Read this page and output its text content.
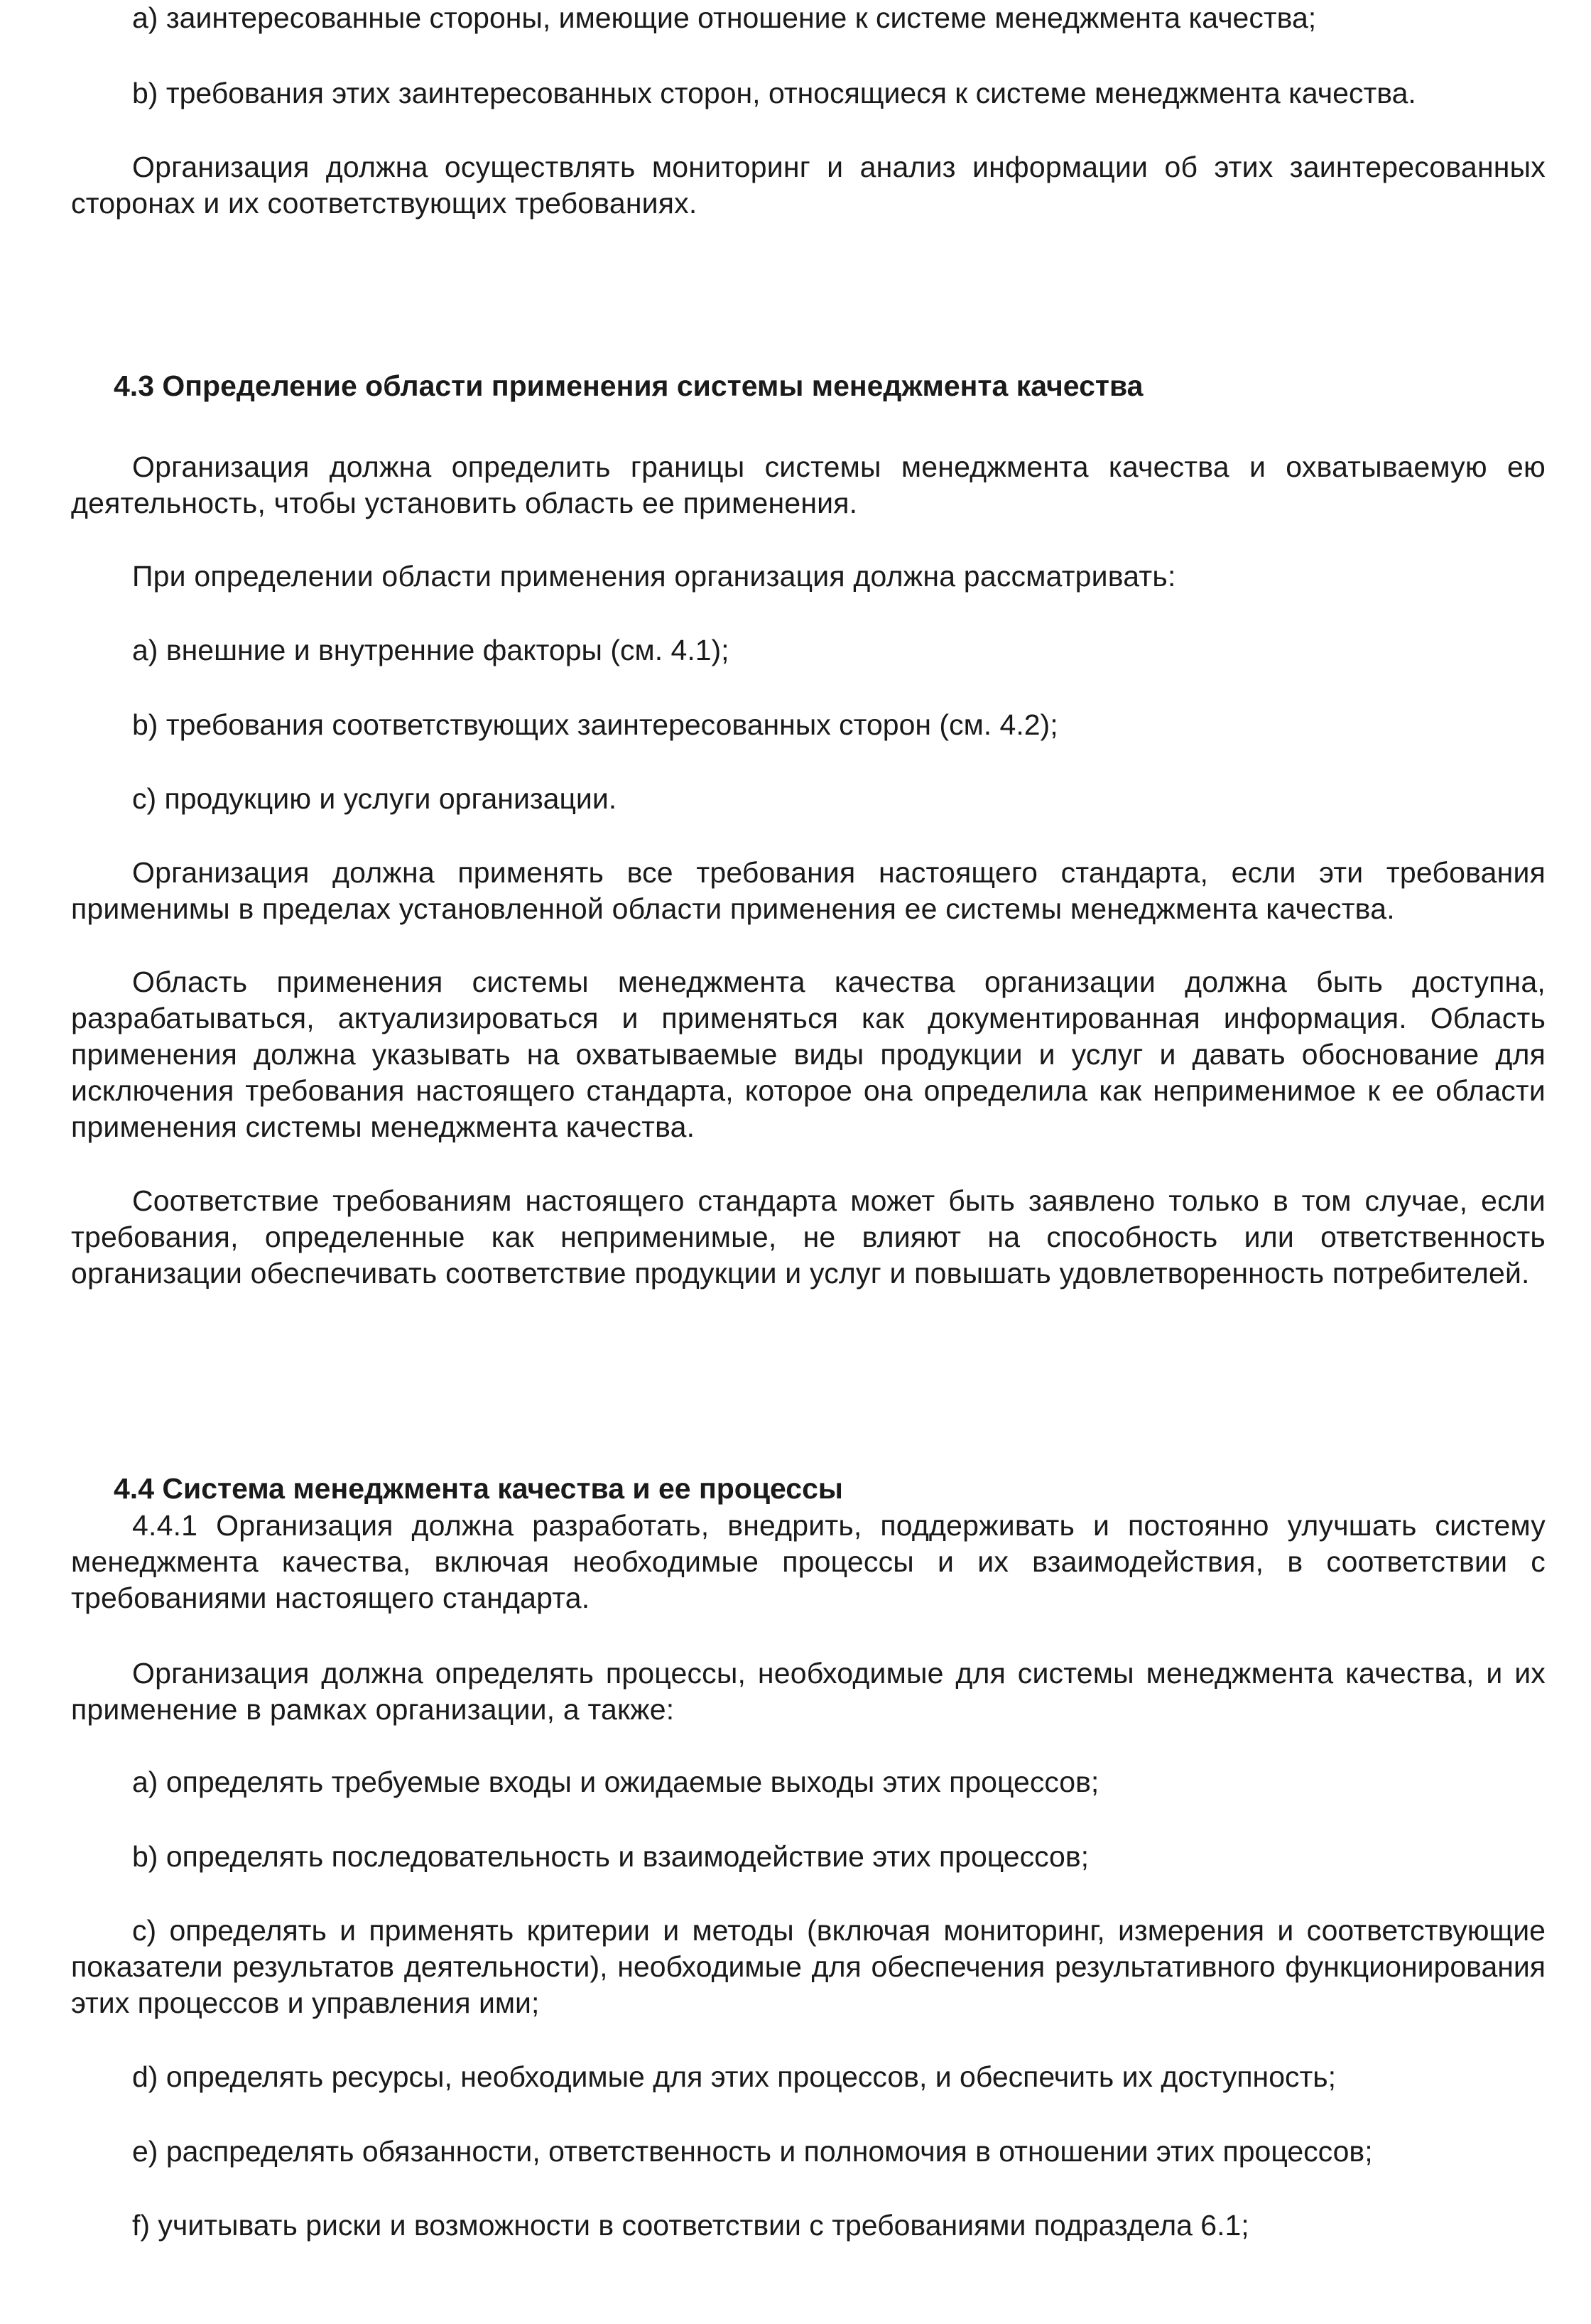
а) заинтересованные стороны, имеющие отношение к системе менеджмента качества;

b) требования этих заинтересованных сторон, относящиеся к системе менеджмента качества.

Организация должна осуществлять мониторинг и анализ информации об этих заинтересованных сторонах и их соответствующих требованиях.

4.3 Определение области применения системы менеджмента качества

Организация должна определить границы системы менеджмента качества и охватываемую ею деятельность, чтобы установить область ее применения.

При определении области применения организация должна рассматривать:

а) внешние и внутренние факторы (см. 4.1);

b) требования соответствующих заинтересованных сторон (см. 4.2);

с) продукцию и услуги организации.

Организация должна применять все требования настоящего стандарта, если эти требования применимы в пределах установленной области применения ее системы менеджмента качества.

Область применения системы менеджмента качества организации должна быть доступна, разрабатываться, актуализироваться и применяться как документированная информация. Область применения должна указывать на охватываемые виды продукции и услуг и давать обоснование для исключения требования настоящего стандарта, которое она определила как неприменимое к ее области применения системы менеджмента качества.

Соответствие требованиям настоящего стандарта может быть заявлено только в том случае, если требования, определенные как неприменимые, не влияют на способность или ответственность организации обеспечивать соответствие продукции и услуг и повышать удовлетворенность потребителей.

4.4 Система менеджмента качества и ее процессы

4.4.1 Организация должна разработать, внедрить, поддерживать и постоянно улучшать систему менеджмента качества, включая необходимые процессы и их взаимодействия, в соответствии с требованиями настоящего стандарта.

Организация должна определять процессы, необходимые для системы менеджмента качества, и их применение в рамках организации, а также:

а) определять требуемые входы и ожидаемые выходы этих процессов;

b) определять последовательность и взаимодействие этих процессов;

с) определять и применять критерии и методы (включая мониторинг, измерения и соответствующие показатели результатов деятельности), необходимые для обеспечения результативного функционирования этих процессов и управления ими;

d) определять ресурсы, необходимые для этих процессов, и обеспечить их доступность;

е) распределять обязанности, ответственность и полномочия в отношении этих процессов;

f) учитывать риски и возможности в соответствии с требованиями подраздела 6.1;
